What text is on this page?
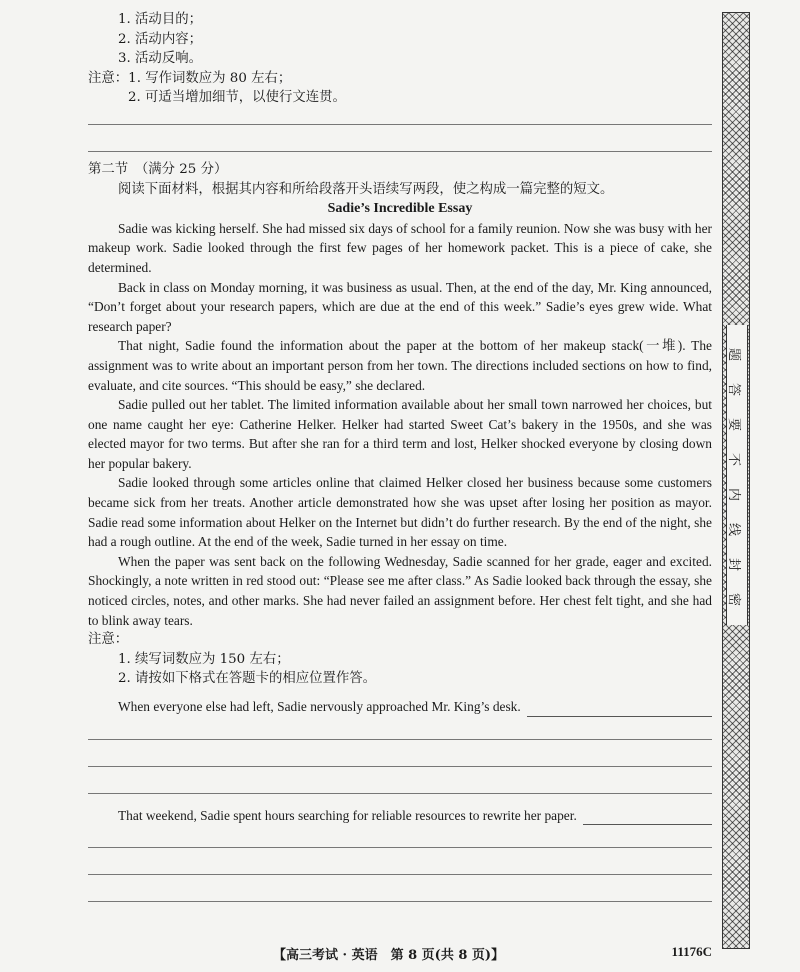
题
答
要
不
内
线
封
密
1. 活动目的；
2. 活动内容；
3. 活动反响。
注意：1. 写作词数应为 80 左右；
2. 可适当增加细节，以使行文连贯。
第二节　（满分 25 分）
阅读下面材料，根据其内容和所给段落开头语续写两段，使之构成一篇完整的短文。
Sadie’s Incredible Essay
Sadie was kicking herself. She had missed six days of school for a family reunion. Now she was busy with her makeup work. Sadie looked through the first few pages of her homework packet. This is a piece of cake, she determined.
Back in class on Monday morning, it was business as usual. Then, at the end of the day, Mr. King announced, “Don’t forget about your research papers, which are due at the end of this week.” Sadie’s eyes grew wide. What research paper?
That night, Sadie found the information about the paper at the bottom of her makeup stack(一堆). The assignment was to write about an important person from her town. The directions included sections on how to find, evaluate, and cite sources. “This should be easy,” she declared.
Sadie pulled out her tablet. The limited information available about her small town narrowed her choices, but one name caught her eye: Catherine Helker. Helker had started Sweet Cat’s bakery in the 1950s, and she was elected mayor for two terms. But after she ran for a third term and lost, Helker shocked everyone by closing down her popular bakery.
Sadie looked through some articles online that claimed Helker closed her business because some customers became sick from her treats. Another article demonstrated how she was upset after losing her position as mayor. Sadie read some information about Helker on the Internet but didn’t do further research. By the end of the night, she had a rough outline. At the end of the week, Sadie turned in her essay on time.
When the paper was sent back on the following Wednesday, Sadie scanned for her grade, eager and excited. Shockingly, a note written in red stood out: “Please see me after class.” As Sadie looked back through the essay, she noticed circles, notes, and other marks. She had never failed an assignment before. Her chest felt tight, and she had to blink away tears.
注意：
1. 续写词数应为 150 左右；
2. 请按如下格式在答题卡的相应位置作答。
When everyone else had left, Sadie nervously approached Mr. King’s desk.
That weekend, Sadie spent hours searching for reliable resources to rewrite her paper.
【高三考试 · 英语　第 8 页(共 8 页)】	11176C
